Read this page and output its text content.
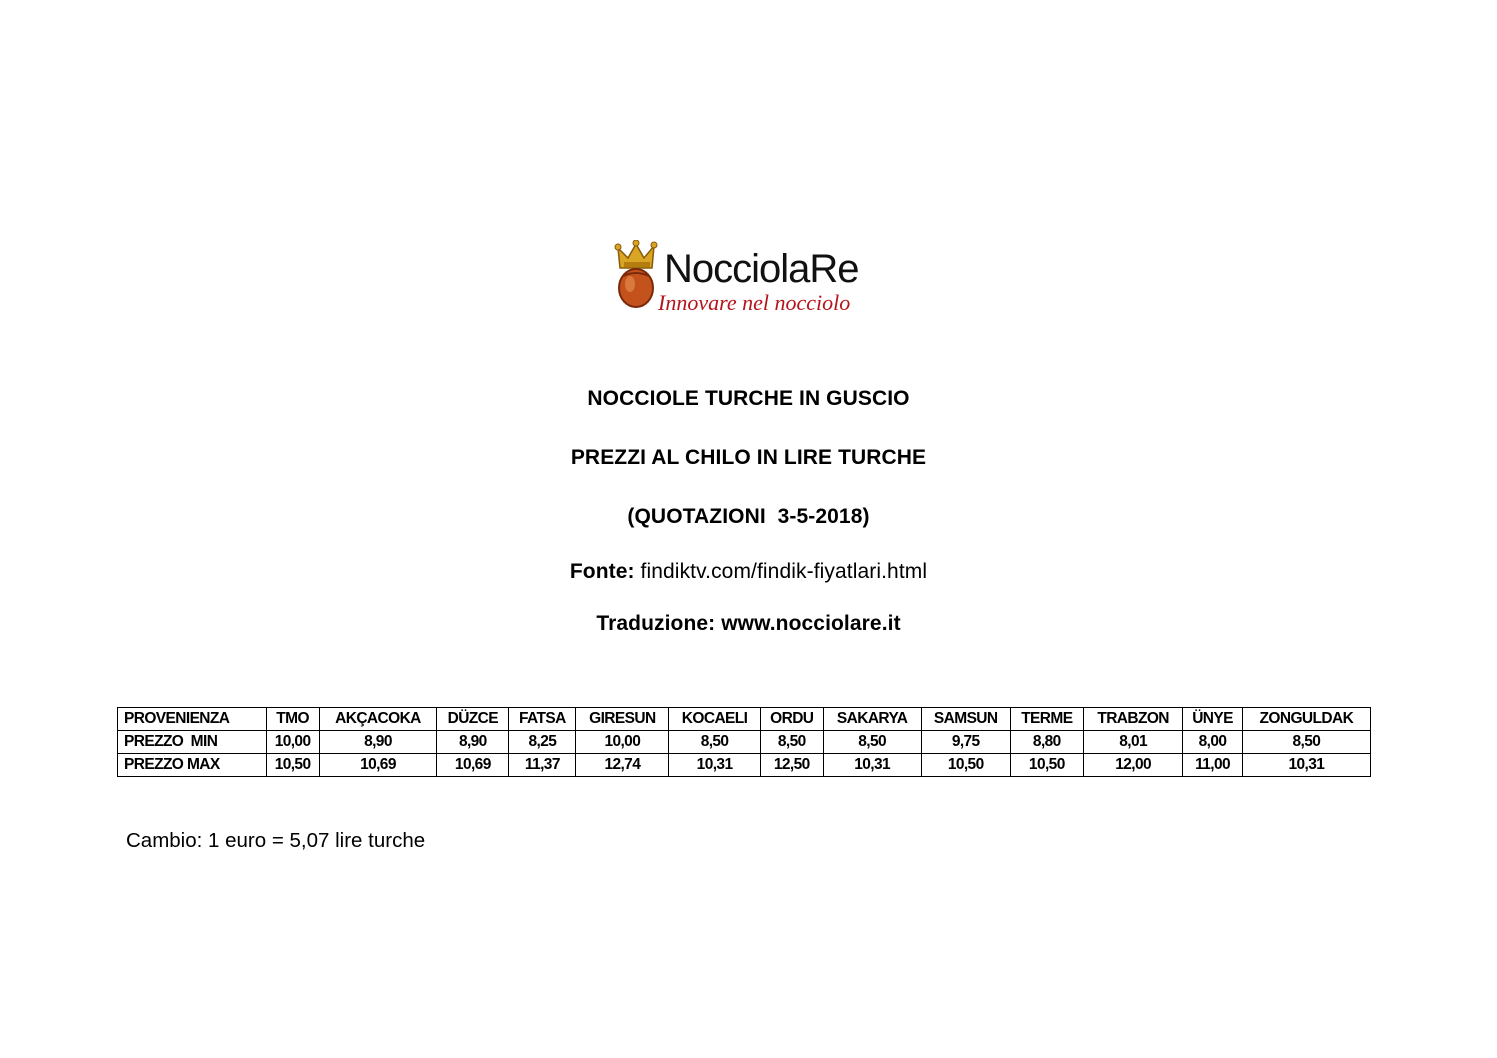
NocciolaRe
Innovare nel nocciolo
NOCCIOLE TURCHE IN GUSCIO
PREZZI AL CHILO IN LIRE TURCHE
(QUOTAZIONI  3-5-2018)
Fonte: findiktv.com/findik-fiyatlari.html
Traduzione: www.nocciolare.it
PROVENIENZA	TMO	AKÇACOKA	DÜZCE	FATSA	GIRESUN	KOCAELI	ORDU	SAKARYA	SAMSUN	TERME	TRABZON	ÜNYE	ZONGULDAK
PREZZO  MIN	10,00	8,90	8,90	8,25	10,00	8,50	8,50	8,50	9,75	8,80	8,01	8,00	8,50
PREZZO MAX	10,50	10,69	10,69	11,37	12,74	10,31	12,50	10,31	10,50	10,50	12,00	11,00	10,31
Cambio: 1 euro = 5,07 lire turche
